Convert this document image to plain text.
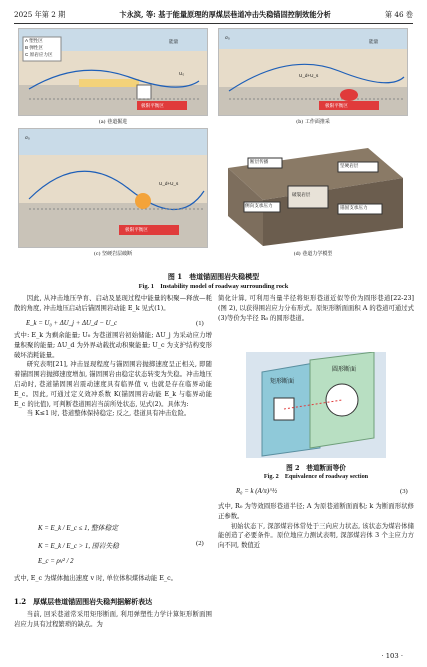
2025 年第 2 期	卞永滨, 等: 基于能量原理的厚煤层巷道冲击失稳锚固控制效能分析	第 46 卷
A 塑性区
B 弹性区
C 原岩应力区
能量
U₀
极限平衡区
(a) 巷道掘进
σ₀
能量
U_d+U_s
极限平衡区
(b) 工作面推采
σ₀
U_d+U_s
极限平衡区
(c) 坚硬岩层破断
断层传播
坚硬岩层
侧向支承压力
破裂岩层
锚固支承压力
(d) 巷道力学模型
图 1　巷道锚固围岩失稳模型
Fig. 1　Instability model of roadway surrounding rock

因此, 从冲击地压孕育、启动及显现过程中能量的积聚—释放—耗散的角度, 冲击地压启动后锚固围岩动能 E_k 见式(1)。

E_k = U₀ + ΔU_j + ΔU_d − U_c	(1)

式中: E_k 为剩余能量; U₀ 为巷道围岩初始储能; ΔU_j 为采动应力增量积聚的能量; ΔU_d 为外界动载扰动积聚能量; U_c 为支护结构变形破坏消耗能量。

研究表明[21], 冲击显现程度与锚固围岩抛掷速度呈正相关, 即随着锚固围岩抛掷速度增加, 锚固围岩由稳定状态转变为失稳。冲击地压启动时, 巷道锚固围岩震动速度具有临界值 v, 也就是存在临界动能 E_c。因此, 可通过定义效冲系数 K(锚固围岩动能 E_k 与临界动能 E_c 的比值), 可判断巷道围岩当前所处状态, 见式(2)。具体为:

当 K≤1 时, 巷道整体保持稳定; 反之, 巷道具有冲击危险。

K = E_k / E_c ≤ 1, 整体稳定
K = E_k / E_c > 1, 围岩失稳
E_c = ρv² / 2
(2)

式中, E_c 为煤体抛出速度 v 时, 单位体积煤体动能 E_c。

1.2　厚煤层巷道锚固围岩失稳判据解析表达

当前, 回采巷道常采用矩形断面, 利用弹塑性力学计算矩形断面围岩应力具有过程繁琐的缺点。为

简化计算, 可利用当量半径将矩形巷道近似等价为圆形巷道[22-23] (图 2), 以获得围岩应力分布形式。原矩形断面面积 A 的巷道可通过式(3)等价为半径 R₀ 的圆形巷道。

矩形断面
圆形断面
图 2　巷道断面等价
Fig. 2　Equivalence of roadway section
R₀ = k (A/π)^½	(3)

式中, R₀ 为等效圆形巷道半径; A 为原巷道断面面积; k 为断面形状修正参数。

初始状态下, 深部煤岩体常处于三向应力状态, 该状态为煤岩体储能创造了必要条件。原位地应力测试表明, 深部煤岩体 3 个主应力方向不同, 数值近

· 103 ·
